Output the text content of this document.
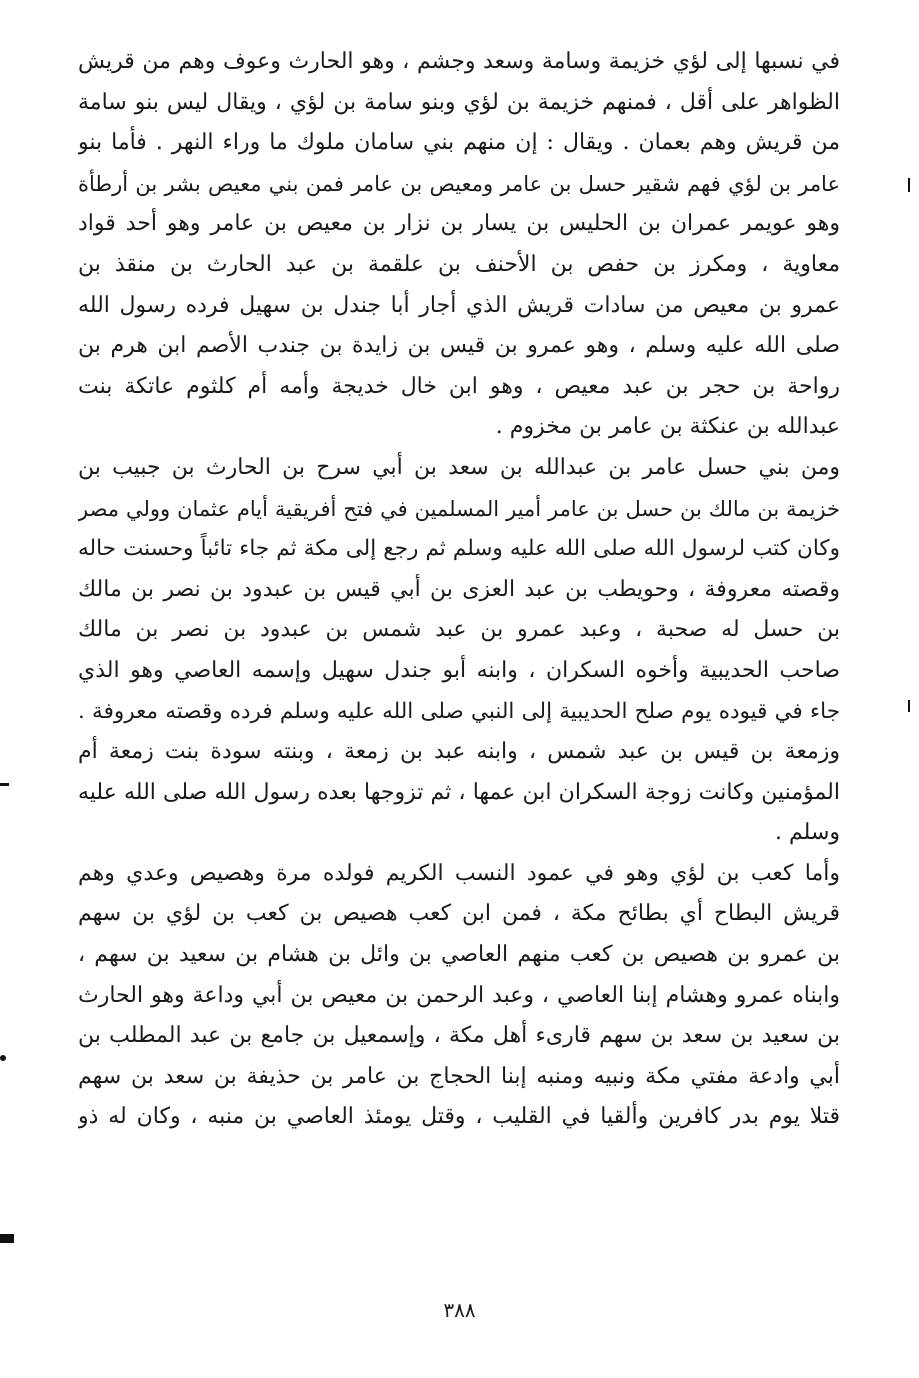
في نسبها إلى لؤي خزيمة وسامة وسعد وجشم ، وهو الحارث وعوف وهم من قريش
الظواهر على أقل ، فمنهم خزيمة بن لؤي وبنو سامة بن لؤي ، ويقال ليس بنو سامة
من قريش وهم بعمان . ويقال : إن منهم بني سامان ملوك ما وراء النهر . فأما بنو
عامر بن لؤي فهم شقير حسل بن عامر ومعيص بن عامر فمن بني معيص بشر بن أرطأة
وهو عويمر عمران بن الحليس بن يسار بن نزار بن معيص بن عامر وهو أحد قواد
معاوية ، ومكرز بن حفص بن الأحنف بن علقمة بن عبد الحارث بن منقذ بن
عمرو بن معيص من سادات قريش الذي أجار أبا جندل بن سهيل فرده رسول الله
صلى الله عليه وسلم ، وهو عمرو بن قيس بن زايدة بن جندب الأصم ابن هرم بن
رواحة بن حجر بن عبد معيص ، وهو ابن خال خديجة وأمه أم كلثوم عاتكة بنت
عبدالله بن عنكثة بن عامر بن مخزوم .
ومن بني حسل عامر بن عبدالله بن سعد بن أبي سرح بن الحارث بن جبيب بن
خزيمة بن مالك بن حسل بن عامر أمير المسلمين في فتح أفريقية أيام عثمان وولي مصر
وكان كتب لرسول الله صلى الله عليه وسلم ثم رجع إلى مكة ثم جاء تائباً وحسنت حاله
وقصته معروفة ، وحويطب بن عبد العزى بن أبي قيس بن عبدود بن نصر بن مالك
بن حسل له صحبة ، وعبد عمرو بن عبد شمس بن عبدود بن نصر بن مالك
صاحب الحديبية وأخوه السكران ، وابنه أبو جندل سهيل وإسمه العاصي وهو الذي
جاء في قيوده يوم صلح الحديبية إلى النبي صلى الله عليه وسلم فرده وقصته معروفة .
وزمعة بن قيس بن عبد شمس ، وابنه عبد بن زمعة ، وبنته سودة بنت زمعة أم
المؤمنين وكانت زوجة السكران ابن عمها ، ثم تزوجها بعده رسول الله صلى الله عليه
وسلم .
وأما كعب بن لؤي وهو في عمود النسب الكريم فولده مرة وهصيص وعدي وهم
قريش البطاح أي بطائح مكة ، فمن ابن كعب هصيص بن كعب بن لؤي بن سهم
بن عمرو بن هصيص بن كعب منهم العاصي بن وائل بن هشام بن سعيد بن سهم ،
وابناه عمرو وهشام إبنا العاصي ، وعبد الرحمن بن معيص بن أبي وداعة وهو الحارث
بن سعيد بن سعد بن سهم قارىء أهل مكة ، وإسمعيل بن جامع بن عبد المطلب بن
أبي وادعة مفتي مكة ونبيه ومنبه إبنا الحجاج بن عامر بن حذيفة بن سعد بن سهم
قتلا يوم بدر كافرين وألقيا في القليب ، وقتل يومئذ العاصي بن منبه ، وكان له ذو
٣٨٨
